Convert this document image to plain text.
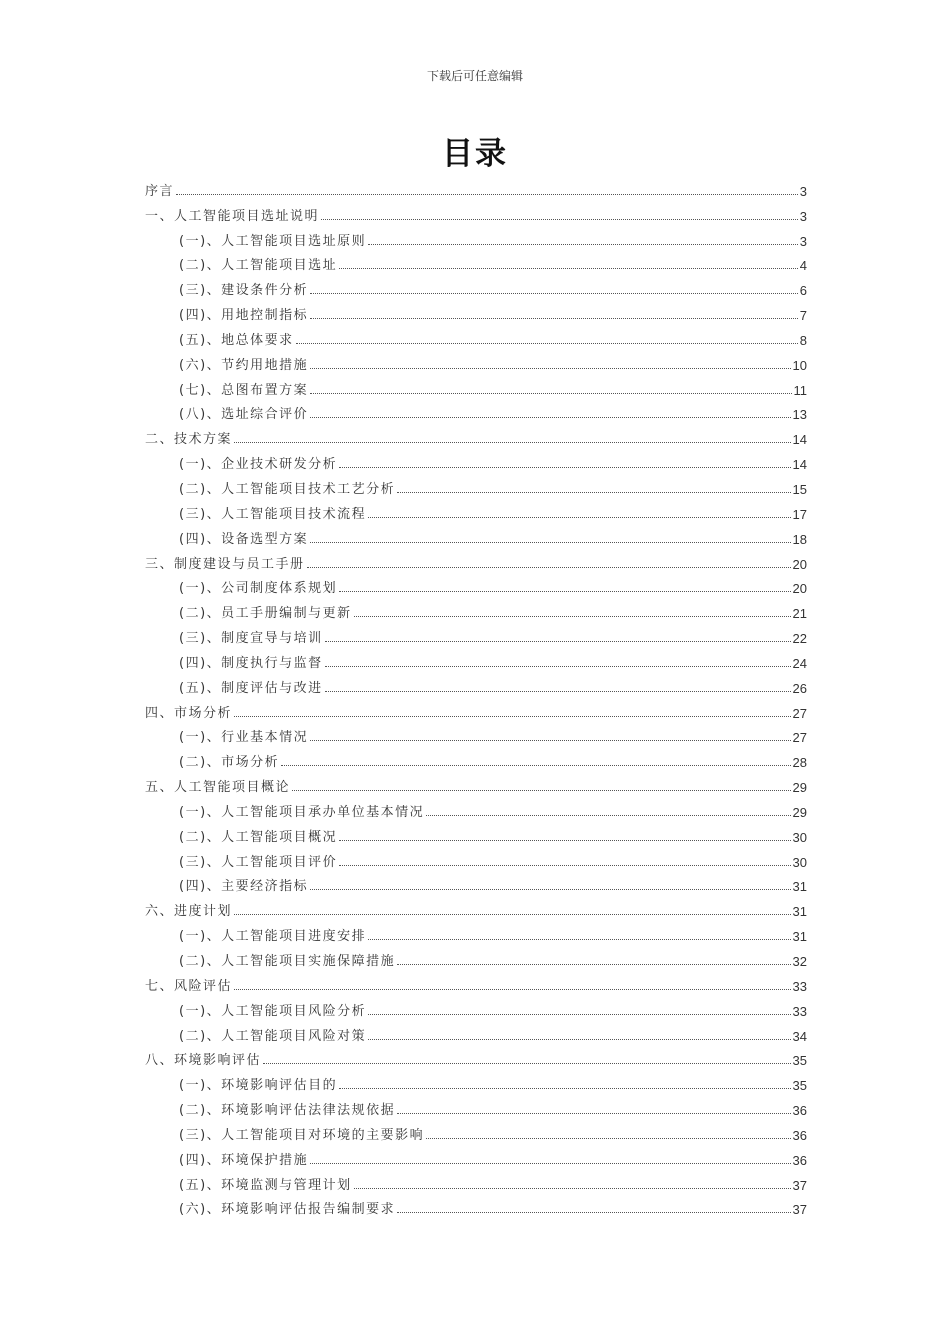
下载后可任意编辑
目录
序言	3
一、人工智能项目选址说明	3
(一)、人工智能项目选址原则	3
(二)、人工智能项目选址	4
(三)、建设条件分析	6
(四)、用地控制指标	7
(五)、地总体要求	8
(六)、节约用地措施	10
(七)、总图布置方案	11
(八)、选址综合评价	13
二、技术方案	14
(一)、企业技术研发分析	14
(二)、人工智能项目技术工艺分析	15
(三)、人工智能项目技术流程	17
(四)、设备选型方案	18
三、制度建设与员工手册	20
(一)、公司制度体系规划	20
(二)、员工手册编制与更新	21
(三)、制度宣导与培训	22
(四)、制度执行与监督	24
(五)、制度评估与改进	26
四、市场分析	27
(一)、行业基本情况	27
(二)、市场分析	28
五、人工智能项目概论	29
(一)、人工智能项目承办单位基本情况	29
(二)、人工智能项目概况	30
(三)、人工智能项目评价	30
(四)、主要经济指标	31
六、进度计划	31
(一)、人工智能项目进度安排	31
(二)、人工智能项目实施保障措施	32
七、风险评估	33
(一)、人工智能项目风险分析	33
(二)、人工智能项目风险对策	34
八、环境影响评估	35
(一)、环境影响评估目的	35
(二)、环境影响评估法律法规依据	36
(三)、人工智能项目对环境的主要影响	36
(四)、环境保护措施	36
(五)、环境监测与管理计划	37
(六)、环境影响评估报告编制要求	37
